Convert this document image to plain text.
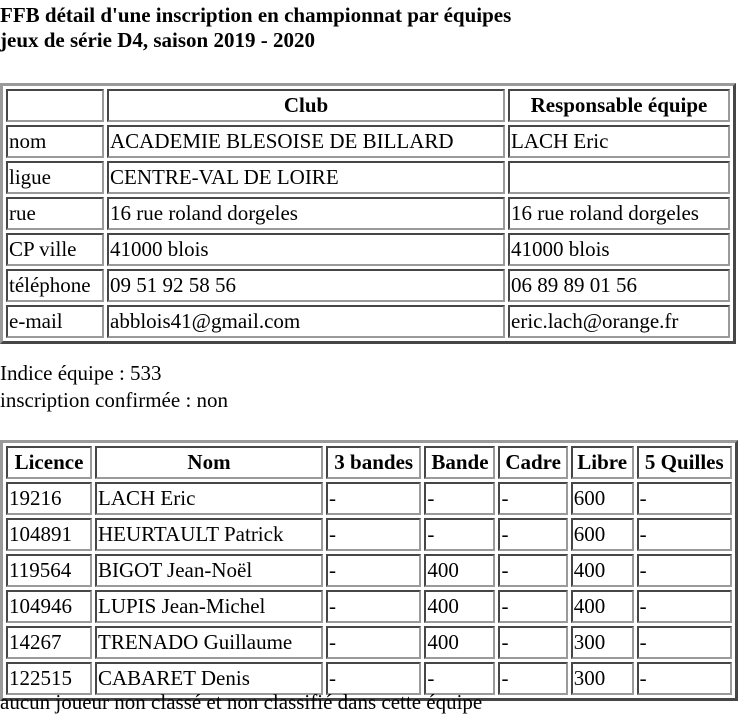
FFB détail d'une inscription en championnat par équipes
jeux de série D4, saison 2019 - 2020
	Club	Responsable équipe
nom	ACADEMIE BLESOISE DE BILLARD	LACH Eric
ligue	CENTRE-VAL DE LOIRE	
rue	16 rue roland dorgeles	16 rue roland dorgeles
CP ville	41000 blois	41000 blois
téléphone	09 51 92 58 56	06 89 89 01 56
e-mail	abblois41@gmail.com	eric.lach@orange.fr
Indice équipe : 533
inscription confirmée : non
Licence	Nom	3 bandes	Bande	Cadre	Libre	5 Quilles
19216	LACH Eric	-	-	-	600	-
104891	HEURTAULT Patrick	-	-	-	600	-
119564	BIGOT Jean-Noël	-	400	-	400	-
104946	LUPIS Jean-Michel	-	400	-	400	-
14267	TRENADO Guillaume	-	400	-	300	-
122515	CABARET Denis	-	-	-	300	-
aucun joueur non classé et non classifié dans cette équipe
